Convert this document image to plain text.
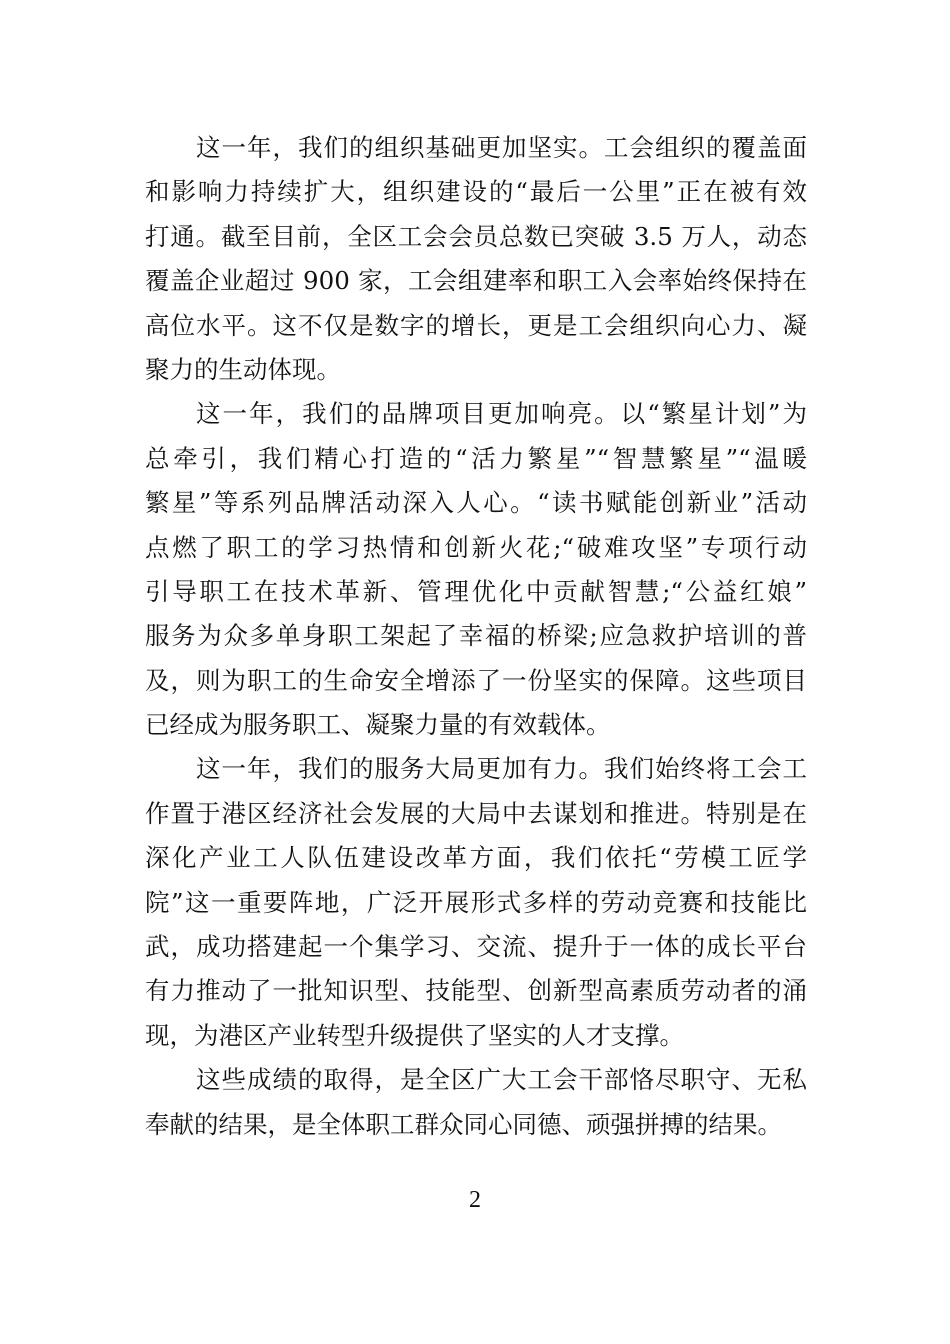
这一年，我们的组织基础更加坚实。工会组织的覆盖面
和影响力持续扩大，组织建设的“最后一公里”正在被有效
打通。截至目前，全区工会会员总数已突破 3.5 万人，动态
覆盖企业超过 900 家，工会组建率和职工入会率始终保持在
高位水平。这不仅是数字的增长，更是工会组织向心力、凝
聚力的生动体现。
这一年，我们的品牌项目更加响亮。以“繁星计划”为
总牵引，我们精心打造的“活力繁星”“智慧繁星”“温暖
繁星”等系列品牌活动深入人心。“读书赋能创新业”活动
点燃了职工的学习热情和创新火花;“破难攻坚”专项行动
引导职工在技术革新、管理优化中贡献智慧;“公益红娘”
服务为众多单身职工架起了幸福的桥梁;应急救护培训的普
及，则为职工的生命安全增添了一份坚实的保障。这些项目
已经成为服务职工、凝聚力量的有效载体。
这一年，我们的服务大局更加有力。我们始终将工会工
作置于港区经济社会发展的大局中去谋划和推进。特别是在
深化产业工人队伍建设改革方面，我们依托“劳模工匠学
院”这一重要阵地，广泛开展形式多样的劳动竞赛和技能比
武，成功搭建起一个集学习、交流、提升于一体的成长平台
有力推动了一批知识型、技能型、创新型高素质劳动者的涌
现，为港区产业转型升级提供了坚实的人才支撑。
这些成绩的取得，是全区广大工会干部恪尽职守、无私
奉献的结果，是全体职工群众同心同德、顽强拼搏的结果。
2
